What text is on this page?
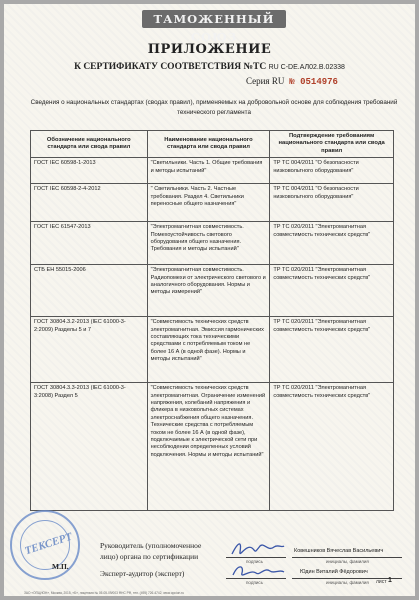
ТАМОЖЕННЫЙ СОЮЗ
ПРИЛОЖЕНИЕ
К СЕРТИФИКАТУ СООТВЕТСТВИЯ №ТС RU C-DE.АЛ02.В.02338
Серия RU № 0514976
Сведения о национальных стандартах (сводах правил), применяемых на добровольной основе для соблюдения требований технического регламента
Обозначение национального стандарта или свода правил	Наименование национального стандарта или свода правил	Подтверждение требованиям национального стандарта или свода правил
ГОСТ IEC 60598-1-2013	"Светильники. Часть 1. Общие требования и методы испытаний"	ТР ТС 004/2011 "О безопасности низковольтного оборудования"
ГОСТ IEC 60598-2-4-2012	" Светильники. Часть 2. Частные требования. Раздел 4. Светильники переносные общего назначения"	ТР ТС 004/2011 "О безопасности низковольтного оборудования"
ГОСТ IEC 61547-2013	"Электромагнитная совместимость. Помехоустойчивость светового оборудования общего назначения. Требования и методы испытаний"	ТР ТС 020/2011 "Электромагнитная совместимость технических средств"
СТБ EH 55015-2006	"Электромагнитная совместимость. Радиопомехи от электрического светового и аналогичного оборудования. Нормы и методы измерений"	ТР ТС 020/2011 "Электромагнитная совместимость технических средств"
ГОСТ 30804.3.2-2013 (IEC 61000-3-2:2009) Разделы 5 и 7	"Совместимость технических средств электромагнитная. Эмиссия гармонических составляющих тока техническими средствами с потребляемым током не более 16 А (в одной фазе). Нормы и методы испытаний"	ТР ТС 020/2011 "Электромагнитная совместимость технических средств"
ГОСТ 30804.3.3-2013 (IEC 61000-3-3:2008) Раздел 5	"Совместимость технических средств электромагнитная. Ограничение изменений напряжения, колебаний напряжения и фликера в низковольтных системах электроснабжения общего назначения. Технические средства с потребляемым током не более 16 А (в одной фазе), подключаемые к электрической сети при несоблюдении определенных условий подключения. Нормы и методы испытаний"	ТР ТС 020/2011 "Электромагнитная совместимость технических средств"
ТЕКСЕРТ
М.П.
Руководитель (уполномоченное
лицо) органа по сертификации
Эксперт-аудитор (эксперт)
Ковешников Вячеслав Васильевич
Юдин Виталий Фёдорович
подпись	инициалы, фамилия
подпись	инициалы, фамилия лист 1
ЗАО «ОПЦИОН», Москва, 2015, «Б», лицензия № 05-05-09/003 ФНС РФ, тел. (495) 726-4742, www.opcion.ru
